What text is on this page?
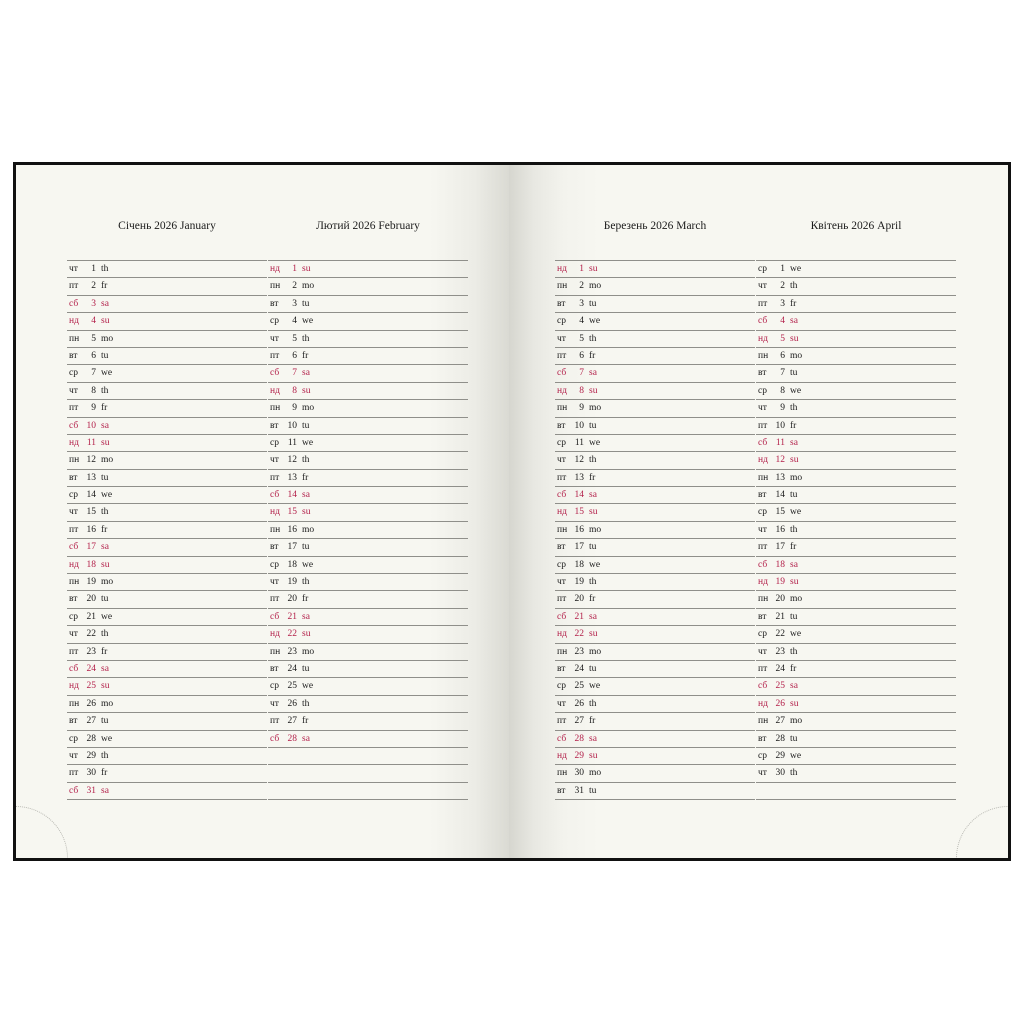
Січень 2026 January
чт	1 th
пт	2 fr
сб	3 sa
нд	4 su
пн	5 mo
вт	6 tu
ср	7 we
чт	8 th
пт	9 fr
сб 10 sa
нд 11 su
пн 12 mo
вт 13 tu
ср 14 we
чт 15 th
пт 16 fr
сб 17 sa
нд 18 su
пн 19 mo
вт 20 tu
ср 21 we
чт 22 th
пт 23 fr
сб 24 sa
нд 25 su
пн 26 mo
вт 27 tu
ср 28 we
чт 29 th
пт 30 fr
сб 31 sa
Лютий 2026 February
нд	1 su
пн	2 mo
вт	3 tu
ср	4 we
чт	5 th
пт	6 fr
сб	7 sa
нд	8 su
пн	9 mo
вт 10 tu
ср 11 we
чт 12 th
пт 13 fr
сб 14 sa
нд 15 su
пн 16 mo
вт 17 tu
ср 18 we
чт 19 th
пт 20 fr
сб 21 sa
нд 22 su
пн 23 mo
вт 24 tu
ср 25 we
чт 26 th
пт 27 fr
сб 28 sa
Березень 2026 March
нд	1 su
пн	2 mo
вт	3 tu
ср	4 we
чт	5 th
пт	6 fr
сб	7 sa
нд	8 su
пн	9 mo
вт 10 tu
ср 11 we
чт 12 th
пт 13 fr
сб 14 sa
нд 15 su
пн 16 mo
вт 17 tu
ср 18 we
чт 19 th
пт 20 fr
сб 21 sa
нд 22 su
пн 23 mo
вт 24 tu
ср 25 we
чт 26 th
пт 27 fr
сб 28 sa
нд 29 su
пн 30 mo
вт 31 tu
Квітень 2026 April
ср	1 we
чт	2 th
пт	3 fr
сб	4 sa
нд	5 su
пн	6 mo
вт	7 tu
ср	8 we
чт	9 th
пт 10 fr
сб 11 sa
нд 12 su
пн 13 mo
вт 14 tu
ср 15 we
чт 16 th
пт 17 fr
сб 18 sa
нд 19 su
пн 20 mo
вт 21 tu
ср 22 we
чт 23 th
пт 24 fr
сб 25 sa
нд 26 su
пн 27 mo
вт 28 tu
ср 29 we
чт 30 th
